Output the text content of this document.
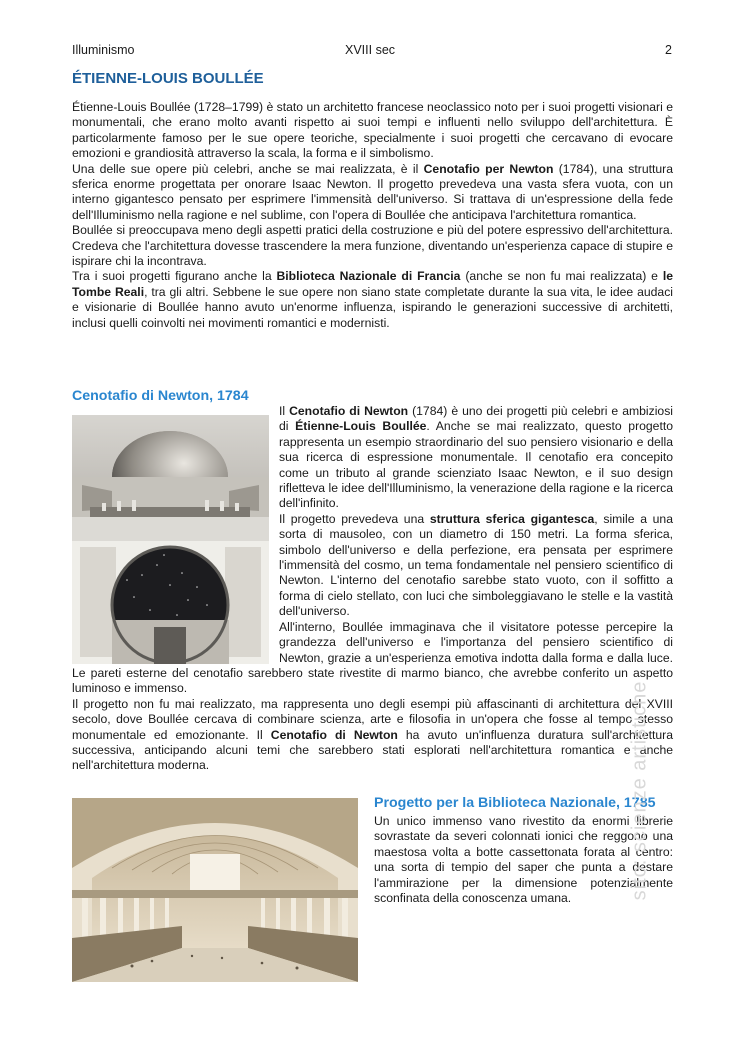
Illuminismo	XVIII sec	2
ÉTIENNE-LOUIS BOULLÉE

Étienne-Louis Boullée (1728–1799) è stato un architetto francese neoclassico noto per i suoi progetti visionari e monumentali, che erano molto avanti rispetto ai suoi tempi e influenti nello sviluppo dell'architettura. È particolarmente famoso per le sue opere teoriche, specialmente i suoi progetti che cercavano di evocare emozioni e grandiosità attraverso la scala, la forma e il simbolismo.

Una delle sue opere più celebri, anche se mai realizzata, è il Cenotafio per Newton (1784), una struttura sferica enorme progettata per onorare Isaac Newton. Il progetto prevedeva una vasta sfera vuota, con un interno gigantesco pensato per esprimere l'immensità dell'universo. Si trattava di un'espressione della fede dell'Illuminismo nella ragione e nel sublime, con l'opera di Boullée che anticipava l'architettura romantica.

Boullée si preoccupava meno degli aspetti pratici della costruzione e più del potere espressivo dell'architettura. Credeva che l'architettura dovesse trascendere la mera funzione, diventando un'esperienza capace di stupire e ispirare chi la incontrava.

Tra i suoi progetti figurano anche la Biblioteca Nazionale di Francia (anche se non fu mai realizzata) e le Tombe Reali, tra gli altri. Sebbene le sue opere non siano state completate durante la sua vita, le idee audaci e visionarie di Boullée hanno avuto un'enorme influenza, ispirando le generazioni successive di architetti, inclusi quelli coinvolti nei movimenti romantici e modernisti.

Cenotafio di Newton, 1784

Il Cenotafio di Newton (1784) è uno dei progetti più celebri e ambiziosi di Étienne-Louis Boullée. Anche se mai realizzato, questo progetto rappresenta un esempio straordinario del suo pensiero visionario e della sua ricerca di espressione monumentale. Il cenotafio era concepito come un tributo al grande scienziato Isaac Newton, e il suo design rifletteva le idee dell'Illuminismo, la venerazione della ragione e la ricerca dell'infinito.

Il progetto prevedeva una struttura sferica gigantesca, simile a una sorta di mausoleo, con un diametro di 150 metri. La forma sferica, simbolo dell'universo e della perfezione, era pensata per esprimere l'immensità del cosmo, un tema fondamentale nel pensiero scientifico di Newton. L'interno del cenotafio sarebbe stato vuoto, con il soffitto a forma di cielo stellato, con luci che simboleggiavano le stelle e la vastità dell'universo.

All'interno, Boullée immaginava che il visitatore potesse percepire la grandezza dell'universo e l'importanza del pensiero scientifico di Newton, grazie a un'esperienza emotiva indotta dalla forma e dalla luce. Le pareti esterne del cenotafio sarebbero state rivestite di marmo bianco, che avrebbe conferito un aspetto luminoso e immenso.

Il progetto non fu mai realizzato, ma rappresenta uno degli esempi più affascinanti di architettura del XVIII secolo, dove Boullée cercava di combinare scienza, arte e filosofia in un'opera che fosse al tempo stesso monumentale ed emozionante. Il Cenotafio di Newton ha avuto un'influenza duratura sull'architettura successiva, anticipando alcuni temi che sarebbero stati esplorati nell'architettura romantica e anche nell'architettura moderna.

Progetto per la Biblioteca Nazionale, 1785

Un unico immenso vano rivestito da enormi librerie sovrastate da severi colonnati ionici che reggono una maestosa volta a botte cassettonata forata al centro: una sorta di tempio del saper che punta a destare l'ammirazione per la dimensione potenzialmente sconfinata della conoscenza umana.	sito: scienze artistiche
